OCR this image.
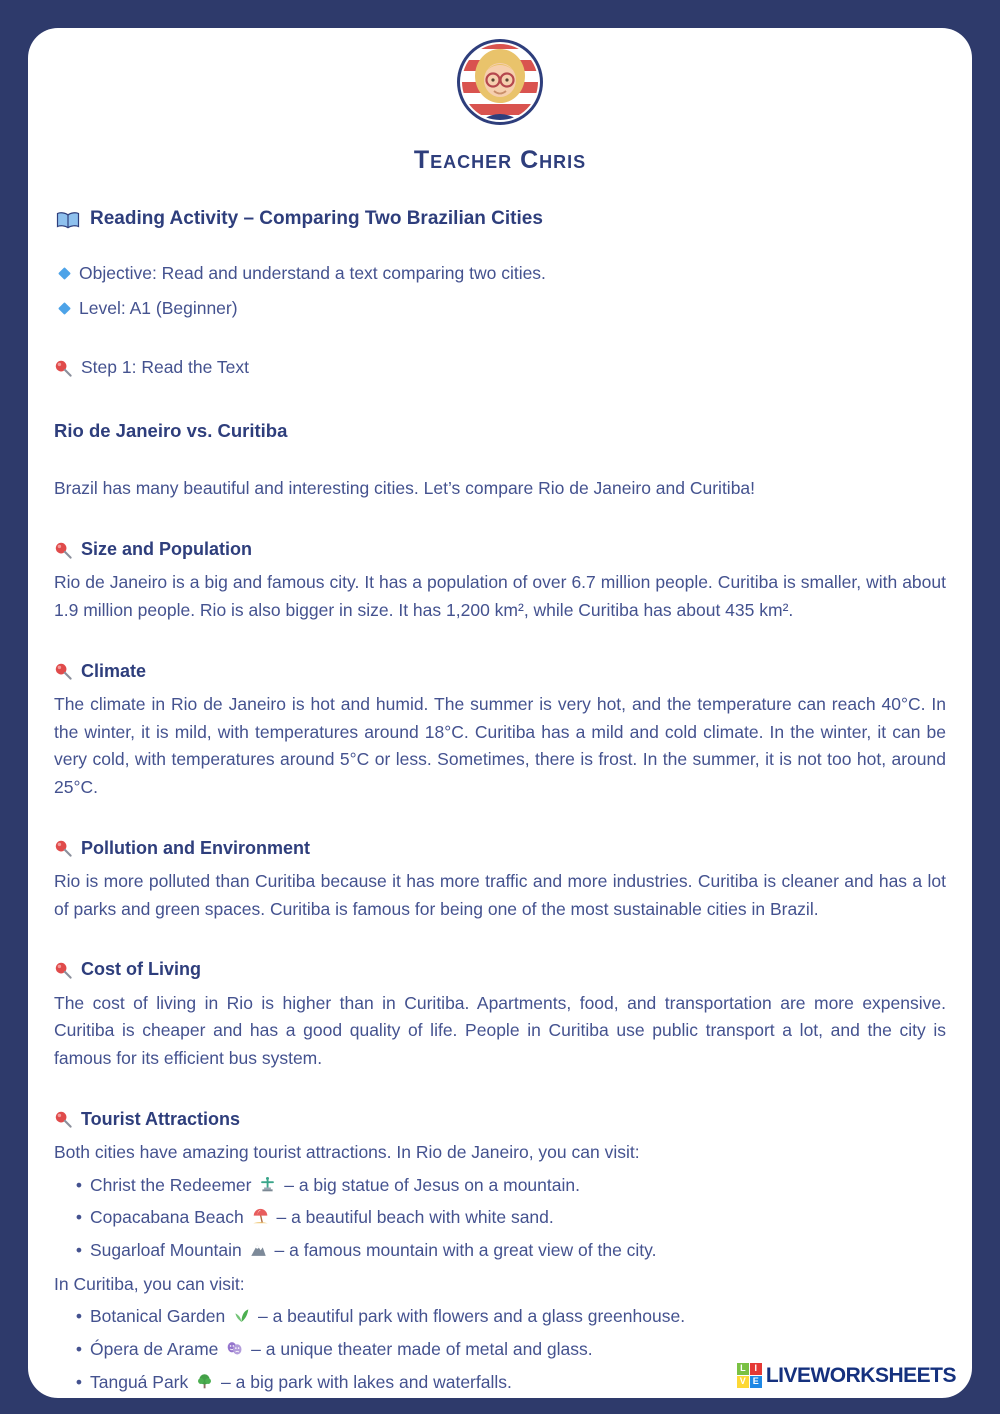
Teacher Chris
Reading Activity – Comparing Two Brazilian Cities
Objective: Read and understand a text comparing two cities.
Level: A1 (Beginner)
Step 1: Read the Text
Rio de Janeiro vs. Curitiba

Brazil has many beautiful and interesting cities. Let’s compare Rio de Janeiro and Curitiba!

Size and Population

Rio de Janeiro is a big and famous city. It has a population of over 6.7 million people. Curitiba is smaller, with about 1.9 million people. Rio is also bigger in size. It has 1,200 km², while Curitiba has about 435 km².

Climate

The climate in Rio de Janeiro is hot and humid. The summer is very hot, and the temperature can reach 40°C. In the winter, it is mild, with temperatures around 18°C. Curitiba has a mild and cold climate. In the winter, it can be very cold, with temperatures around 5°C or less. Sometimes, there is frost. In the summer, it is not too hot, around 25°C.

Pollution and Environment

Rio is more polluted than Curitiba because it has more traffic and more industries. Curitiba is cleaner and has a lot of parks and green spaces. Curitiba is famous for being one of the most sustainable cities in Brazil.

Cost of Living

The cost of living in Rio is higher than in Curitiba. Apartments, food, and transportation are more expensive. Curitiba is cheaper and has a good quality of life. People in Curitiba use public transport a lot, and the city is famous for its efficient bus system.

Tourist Attractions

Both cities have amazing tourist attractions. In Rio de Janeiro, you can visit:

• Christ the Redeemer – a big statue of Jesus on a mountain.
• Copacabana Beach – a beautiful beach with white sand.
• Sugarloaf Mountain – a famous mountain with a great view of the city.

In Curitiba, you can visit:

• Botanical Garden – a beautiful park with flowers and a glass greenhouse.
• Ópera de Arame – a unique theater made of metal and glass.
• Tanguá Park – a big park with lakes and waterfalls.
L I
V E LIVEWORKSHEETS
